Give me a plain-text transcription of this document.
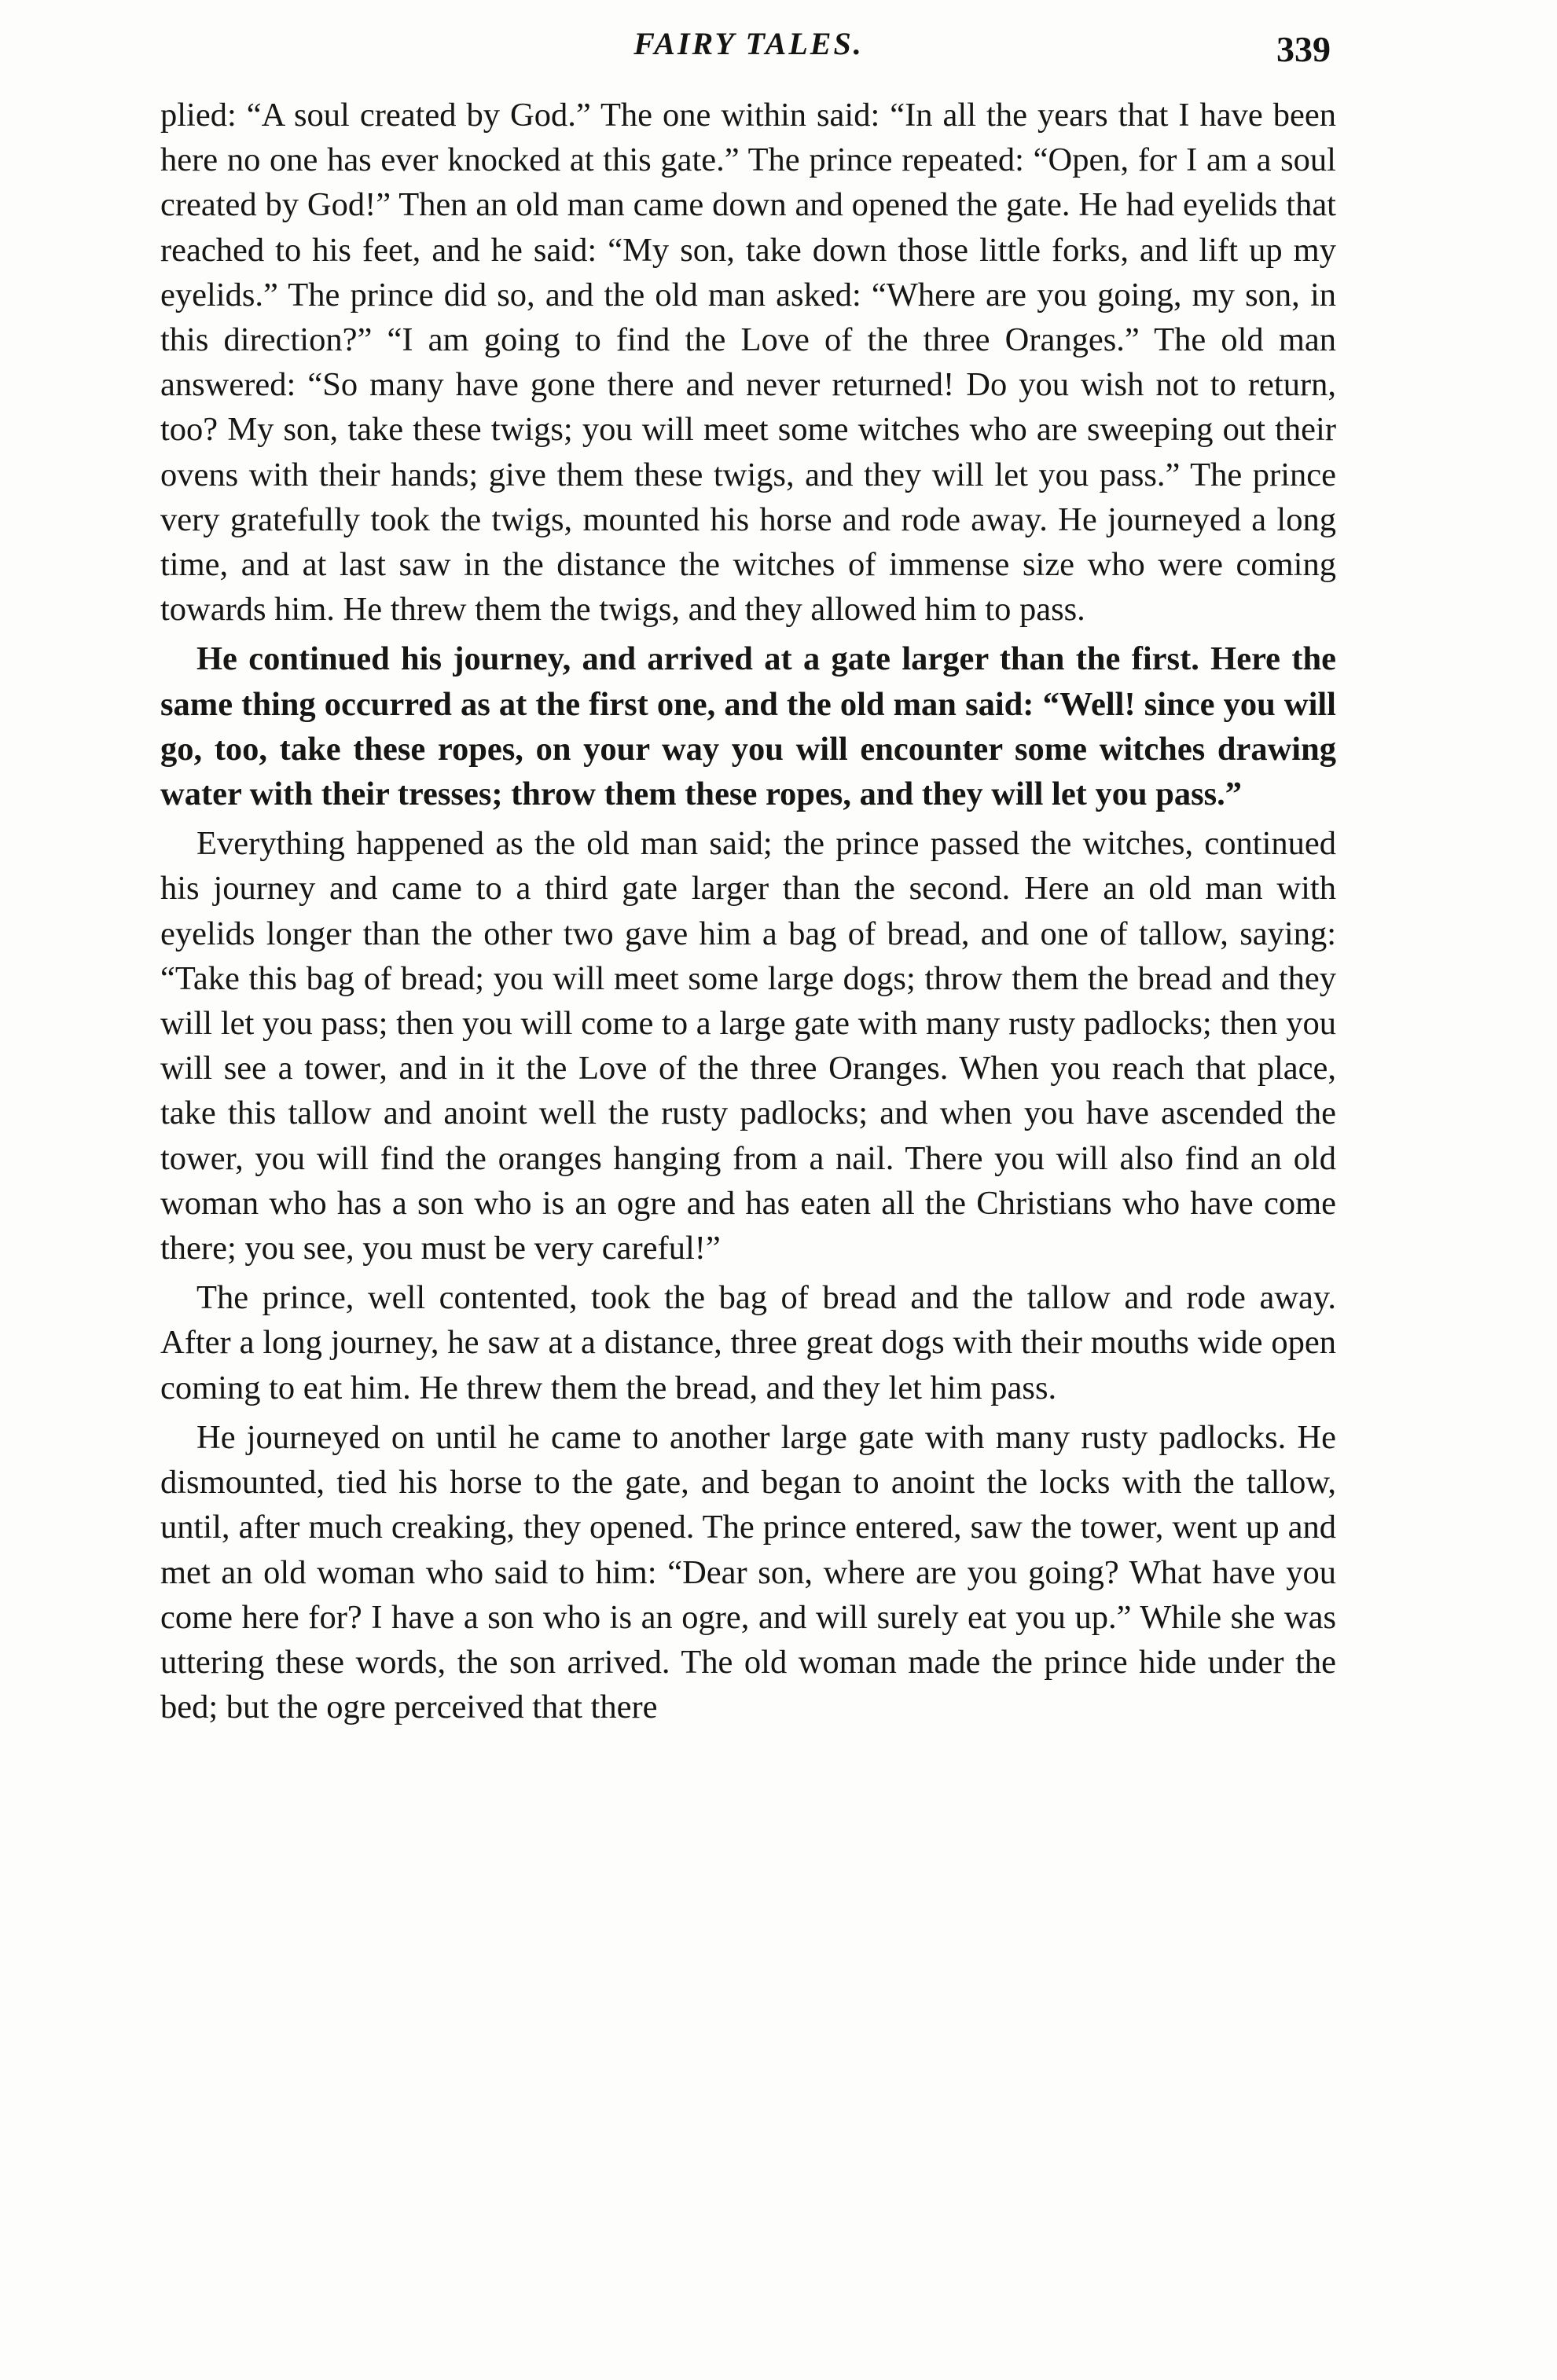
FAIRY TALES.	339

plied: “A soul created by God.” The one within said: “In all the years that I have been here no one has ever knocked at this gate.” The prince repeated: “Open, for I am a soul created by God!” Then an old man came down and opened the gate. He had eyelids that reached to his feet, and he said: “My son, take down those little forks, and lift up my eyelids.” The prince did so, and the old man asked: “Where are you going, my son, in this direction?” “I am going to find the Love of the three Oranges.” The old man answered: “So many have gone there and never returned! Do you wish not to return, too? My son, take these twigs; you will meet some witches who are sweeping out their ovens with their hands; give them these twigs, and they will let you pass.” The prince very gratefully took the twigs, mounted his horse and rode away. He journeyed a long time, and at last saw in the distance the witches of immense size who were coming towards him. He threw them the twigs, and they allowed him to pass.

He continued his journey, and arrived at a gate larger than the first. Here the same thing occurred as at the first one, and the old man said: “Well! since you will go, too, take these ropes, on your way you will encounter some witches drawing water with their tresses; throw them these ropes, and they will let you pass.”

Everything happened as the old man said; the prince passed the witches, continued his journey and came to a third gate larger than the second. Here an old man with eyelids longer than the other two gave him a bag of bread, and one of tallow, saying: “Take this bag of bread; you will meet some large dogs; throw them the bread and they will let you pass; then you will come to a large gate with many rusty padlocks; then you will see a tower, and in it the Love of the three Oranges. When you reach that place, take this tallow and anoint well the rusty padlocks; and when you have ascended the tower, you will find the oranges hanging from a nail. There you will also find an old woman who has a son who is an ogre and has eaten all the Christians who have come there; you see, you must be very careful!”

The prince, well contented, took the bag of bread and the tallow and rode away. After a long journey, he saw at a distance, three great dogs with their mouths wide open coming to eat him. He threw them the bread, and they let him pass.

He journeyed on until he came to another large gate with many rusty padlocks. He dismounted, tied his horse to the gate, and began to anoint the locks with the tallow, until, after much creaking, they opened. The prince entered, saw the tower, went up and met an old woman who said to him: “Dear son, where are you going? What have you come here for? I have a son who is an ogre, and will surely eat you up.” While she was uttering these words, the son arrived. The old woman made the prince hide under the bed; but the ogre perceived that there
